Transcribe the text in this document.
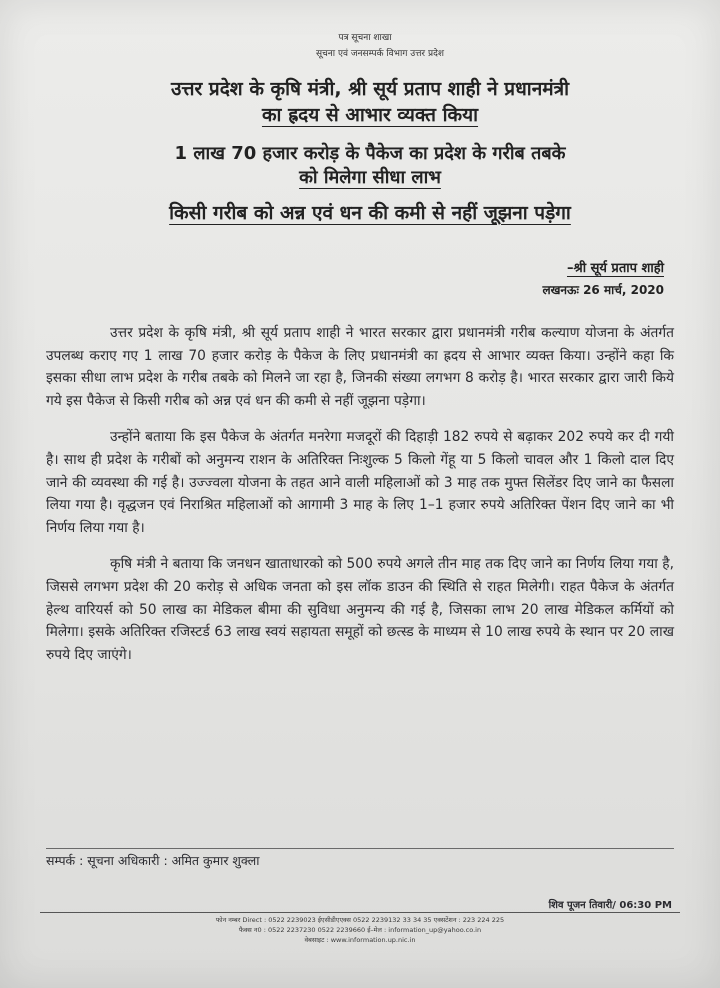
पत्र सूचना शाखा
सूचना एवं जनसम्पर्क विभाग उत्तर प्रदेश
उत्तर प्रदेश के कृषि मंत्री, श्री सूर्य प्रताप शाही ने प्रधानमंत्री
का ह्रदय से आभार व्यक्त किया
1 लाख 70 हजार करोड़ के पैकेज का प्रदेश के गरीब तबके
को मिलेगा सीधा लाभ
किसी गरीब को अन्न एवं धन की कमी से नहीं जूझना पड़ेगा
–श्री सूर्य प्रताप शाही
लखनऊः 26 मार्च, 2020

उत्तर प्रदेश के कृषि मंत्री, श्री सूर्य प्रताप शाही ने भारत सरकार द्वारा प्रधानमंत्री गरीब कल्याण योजना के अंतर्गत उपलब्ध कराए गए 1 लाख 70 हजार करोड़ के पैकेज के लिए प्रधानमंत्री का ह्रदय से आभार व्यक्त किया। उन्होंने कहा कि इसका सीधा लाभ प्रदेश के गरीब तबके को मिलने जा रहा है, जिनकी संख्या लगभग 8 करोड़ है। भारत सरकार द्वारा जारी किये गये इस पैकेज से किसी गरीब को अन्न एवं धन की कमी से नहीं जूझना पड़ेगा।

उन्होंने बताया कि इस पैकेज के अंतर्गत मनरेगा मजदूरों की दिहाड़ी 182 रुपये से बढ़ाकर 202 रुपये कर दी गयी है। साथ ही प्रदेश के गरीबों को अनुमन्य राशन के अतिरिक्त निःशुल्क 5 किलो गेंहू या 5 किलो चावल और 1 किलो दाल दिए जाने की व्यवस्था की गई है। उज्ज्वला योजना के तहत आने वाली महिलाओं को 3 माह तक मुफ्त सिलेंडर दिए जाने का फैसला लिया गया है। वृद्धजन एवं निराश्रित महिलाओं को आगामी 3 माह के लिए 1–1 हजार रुपये अतिरिक्त पेंशन दिए जाने का भी निर्णय लिया गया है।

कृषि मंत्री ने बताया कि जनधन खाताधारको को 500 रुपये अगले तीन माह तक दिए जाने का निर्णय लिया गया है, जिससे लगभग प्रदेश की 20 करोड़ से अधिक जनता को इस लॉक डाउन की स्थिति से राहत मिलेगी। राहत पैकेज के अंतर्गत हेल्थ वारियर्स को 50 लाख का मेडिकल बीमा की सुविधा अनुमन्य की गई है, जिसका लाभ 20 लाख मेडिकल कर्मियों को मिलेगा। इसके अतिरिक्त रजिस्टर्ड 63 लाख स्वयं सहायता समूहों को छत्स्ड के माध्यम से 10 लाख रुपये के स्थान पर 20 लाख रुपये दिए जाएंगे।

सम्पर्क : सूचना अधिकारी : अमित कुमार शुक्ला
शिव पूजन तिवारी/ 06:30 PM
फोन नम्बर Direct : 0522 2239023 ईएसीडीएएक्स 0522 2239132 33 34 35 एक्सटेंशन : 223 224 225
फैक्स न0 : 0522 2237230 0522 2239660 ई–मेल : information_up@yahoo.co.in
वेबसाइट : www.information.up.nic.in
